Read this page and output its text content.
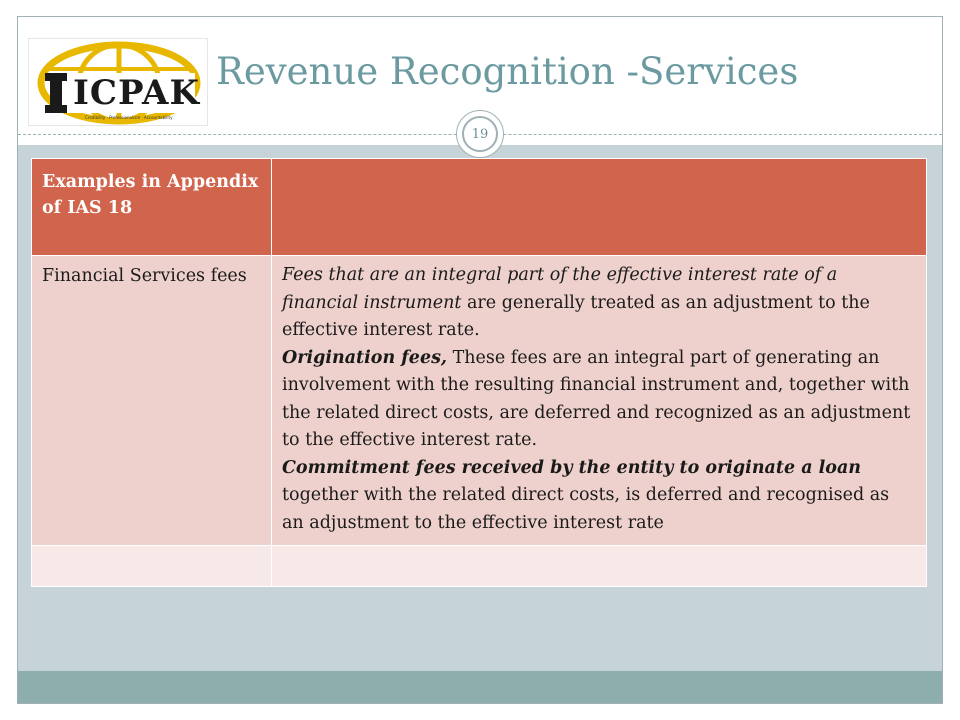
ICPAK
Credibility · Professionalism · Accountability
Revenue Recognition -Services
19
Examples in Appendix of IAS 18	
Financial Services fees	Fees that are an integral part of the effective interest rate of a financial instrument are generally treated as an adjustment to the effective interest rate.
Origination fees, These fees are an integral part of generating an involvement with the resulting financial instrument and, together with the related direct costs, are deferred and recognized as an adjustment to the effective interest rate.
Commitment fees received by the entity to originate a loan together with the related direct costs, is deferred and recognised as an adjustment to the effective interest rate
